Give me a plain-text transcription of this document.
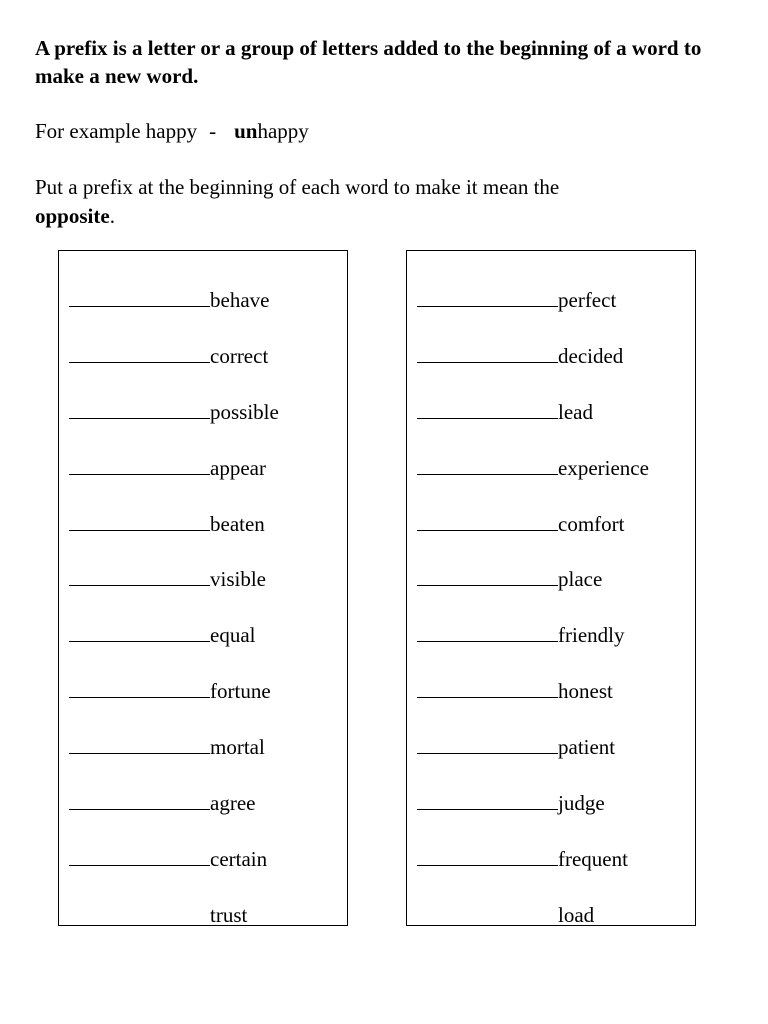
A prefix is a letter or a group of letters added to the beginning of a word to make a new word.

For example happy - unhappy

Put a prefix at the beginning of each word to make it mean the
opposite.

behave
correct
possible
appear
beaten
visible
equal
fortune
mortal
agree
certain
trust
perfect
decided
lead
experience
comfort
place
friendly
honest
patient
judge
frequent
load
